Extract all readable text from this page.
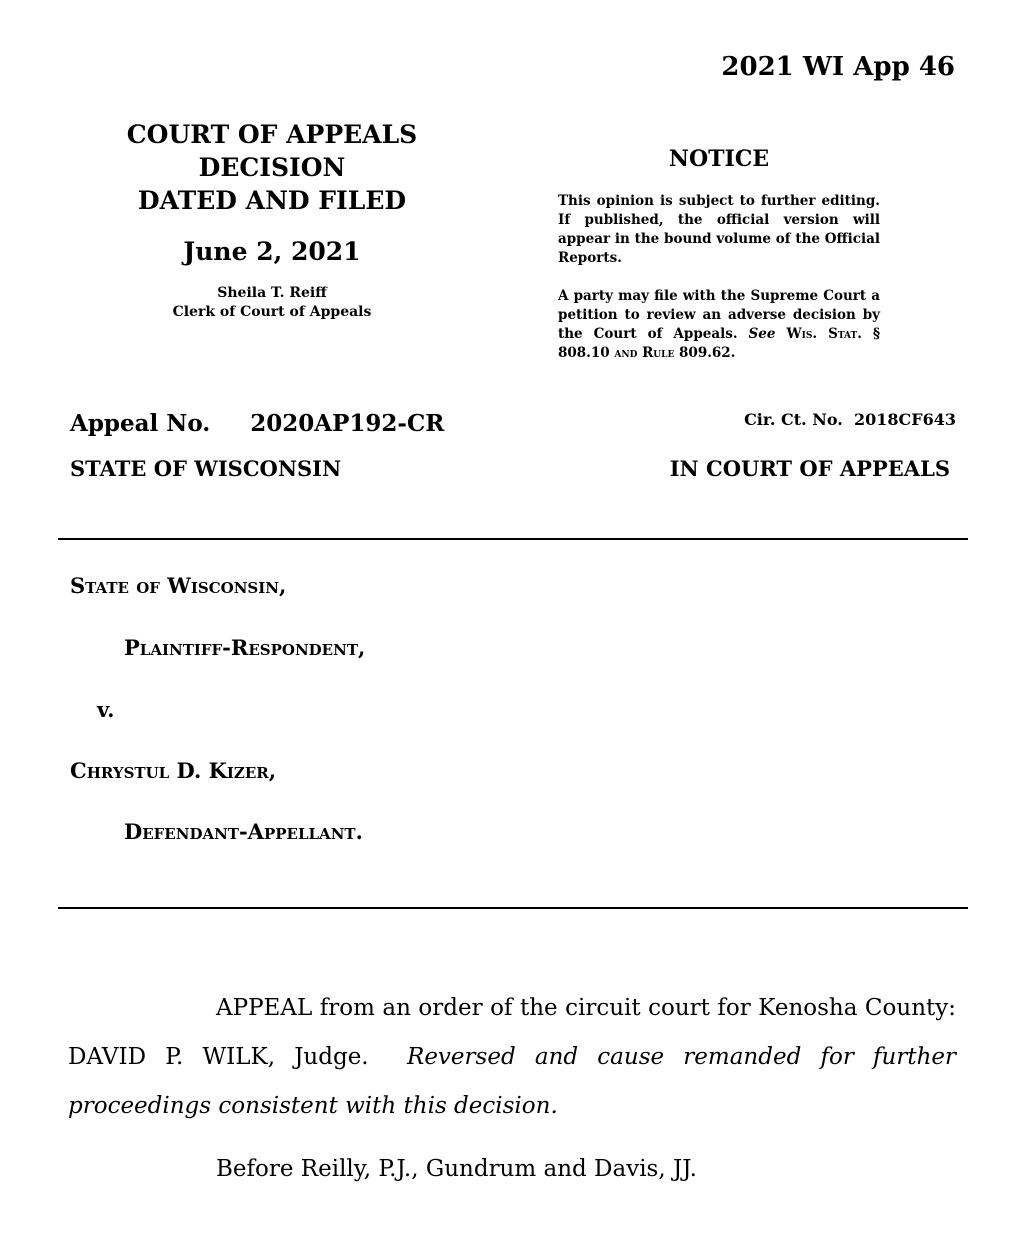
2021 WI App 46
COURT OF APPEALS
DECISION
DATED AND FILED
June 2, 2021
Sheila T. Reiff
Clerk of Court of Appeals
NOTICE

This opinion is subject to further editing. If published, the official version will appear in the bound volume of the Official Reports.

A party may file with the Supreme Court a petition to review an adverse decision by the Court of Appeals. See Wis. Stat. § 808.10 and Rule 809.62.

Appeal No. 2020AP192-CR	Cir. Ct. No. 2018CF643
STATE OF WISCONSIN	IN COURT OF APPEALS
State of Wisconsin,
Plaintiff-Respondent,
v.
Chrystul D. Kizer,
Defendant-Appellant.
APPEAL from an order of the circuit court for Kenosha County: DAVID P. WILK, Judge. Reversed and cause remanded for further proceedings consistent with this decision.
Before Reilly, P.J., Gundrum and Davis, JJ.
